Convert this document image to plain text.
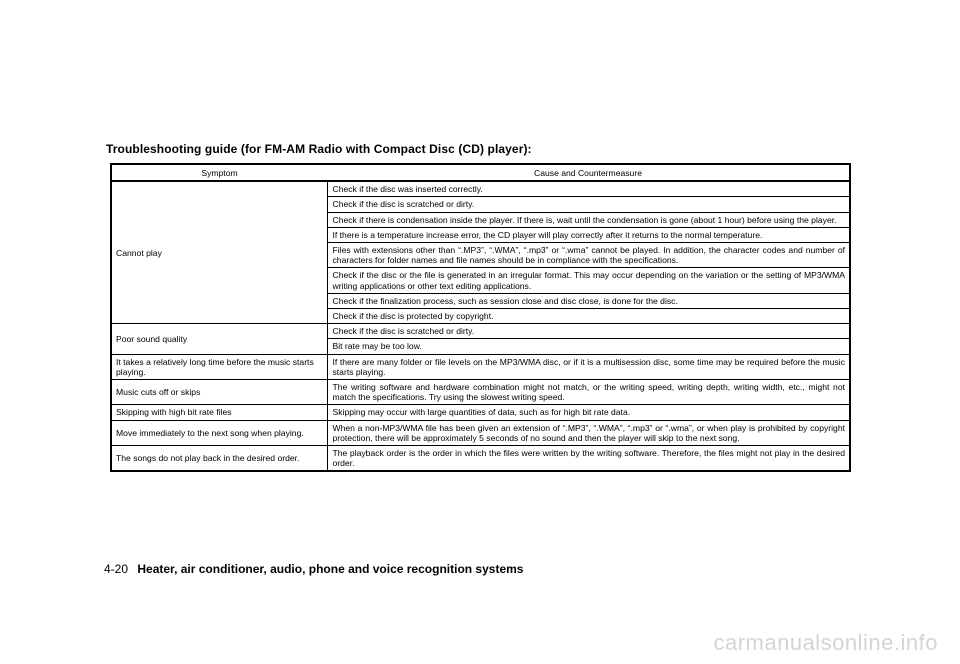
Troubleshooting guide (for FM-AM Radio with Compact Disc (CD) player):
Symptom	Cause and Countermeasure
Cannot play	Check if the disc was inserted correctly.
	Check if the disc is scratched or dirty.
	Check if there is condensation inside the player. If there is, wait until the condensation is gone (about 1 hour) before using the player.
	If there is a temperature increase error, the CD player will play correctly after it returns to the normal temperature.
	Files with extensions other than “.MP3”, “.WMA”, “.mp3” or “.wma” cannot be played. In addition, the character codes and number of characters for folder names and file names should be in compliance with the specifications.
	Check if the disc or the file is generated in an irregular format. This may occur depending on the variation or the setting of MP3/WMA writing applications or other text editing applications.
	Check if the finalization process, such as session close and disc close, is done for the disc.
	Check if the disc is protected by copyright.
Poor sound quality	Check if the disc is scratched or dirty.
	Bit rate may be too low.
It takes a relatively long time before the music starts playing.	If there are many folder or file levels on the MP3/WMA disc, or if it is a multisession disc, some time may be required before the music starts playing.
Music cuts off or skips	The writing software and hardware combination might not match, or the writing speed, writing depth, writing width, etc., might not match the specifications. Try using the slowest writing speed.
Skipping with high bit rate files	Skipping may occur with large quantities of data, such as for high bit rate data.
Move immediately to the next song when playing.	When a non-MP3/WMA file has been given an extension of “.MP3”, “.WMA”, “.mp3” or “.wma”, or when play is prohibited by copyright protection, there will be approximately 5 seconds of no sound and then the player will skip to the next song.
The songs do not play back in the desired order.	The playback order is the order in which the files were written by the writing software. Therefore, the files might not play in the desired order.
4-20 Heater, air conditioner, audio, phone and voice recognition systems
carmanualsonline.info
